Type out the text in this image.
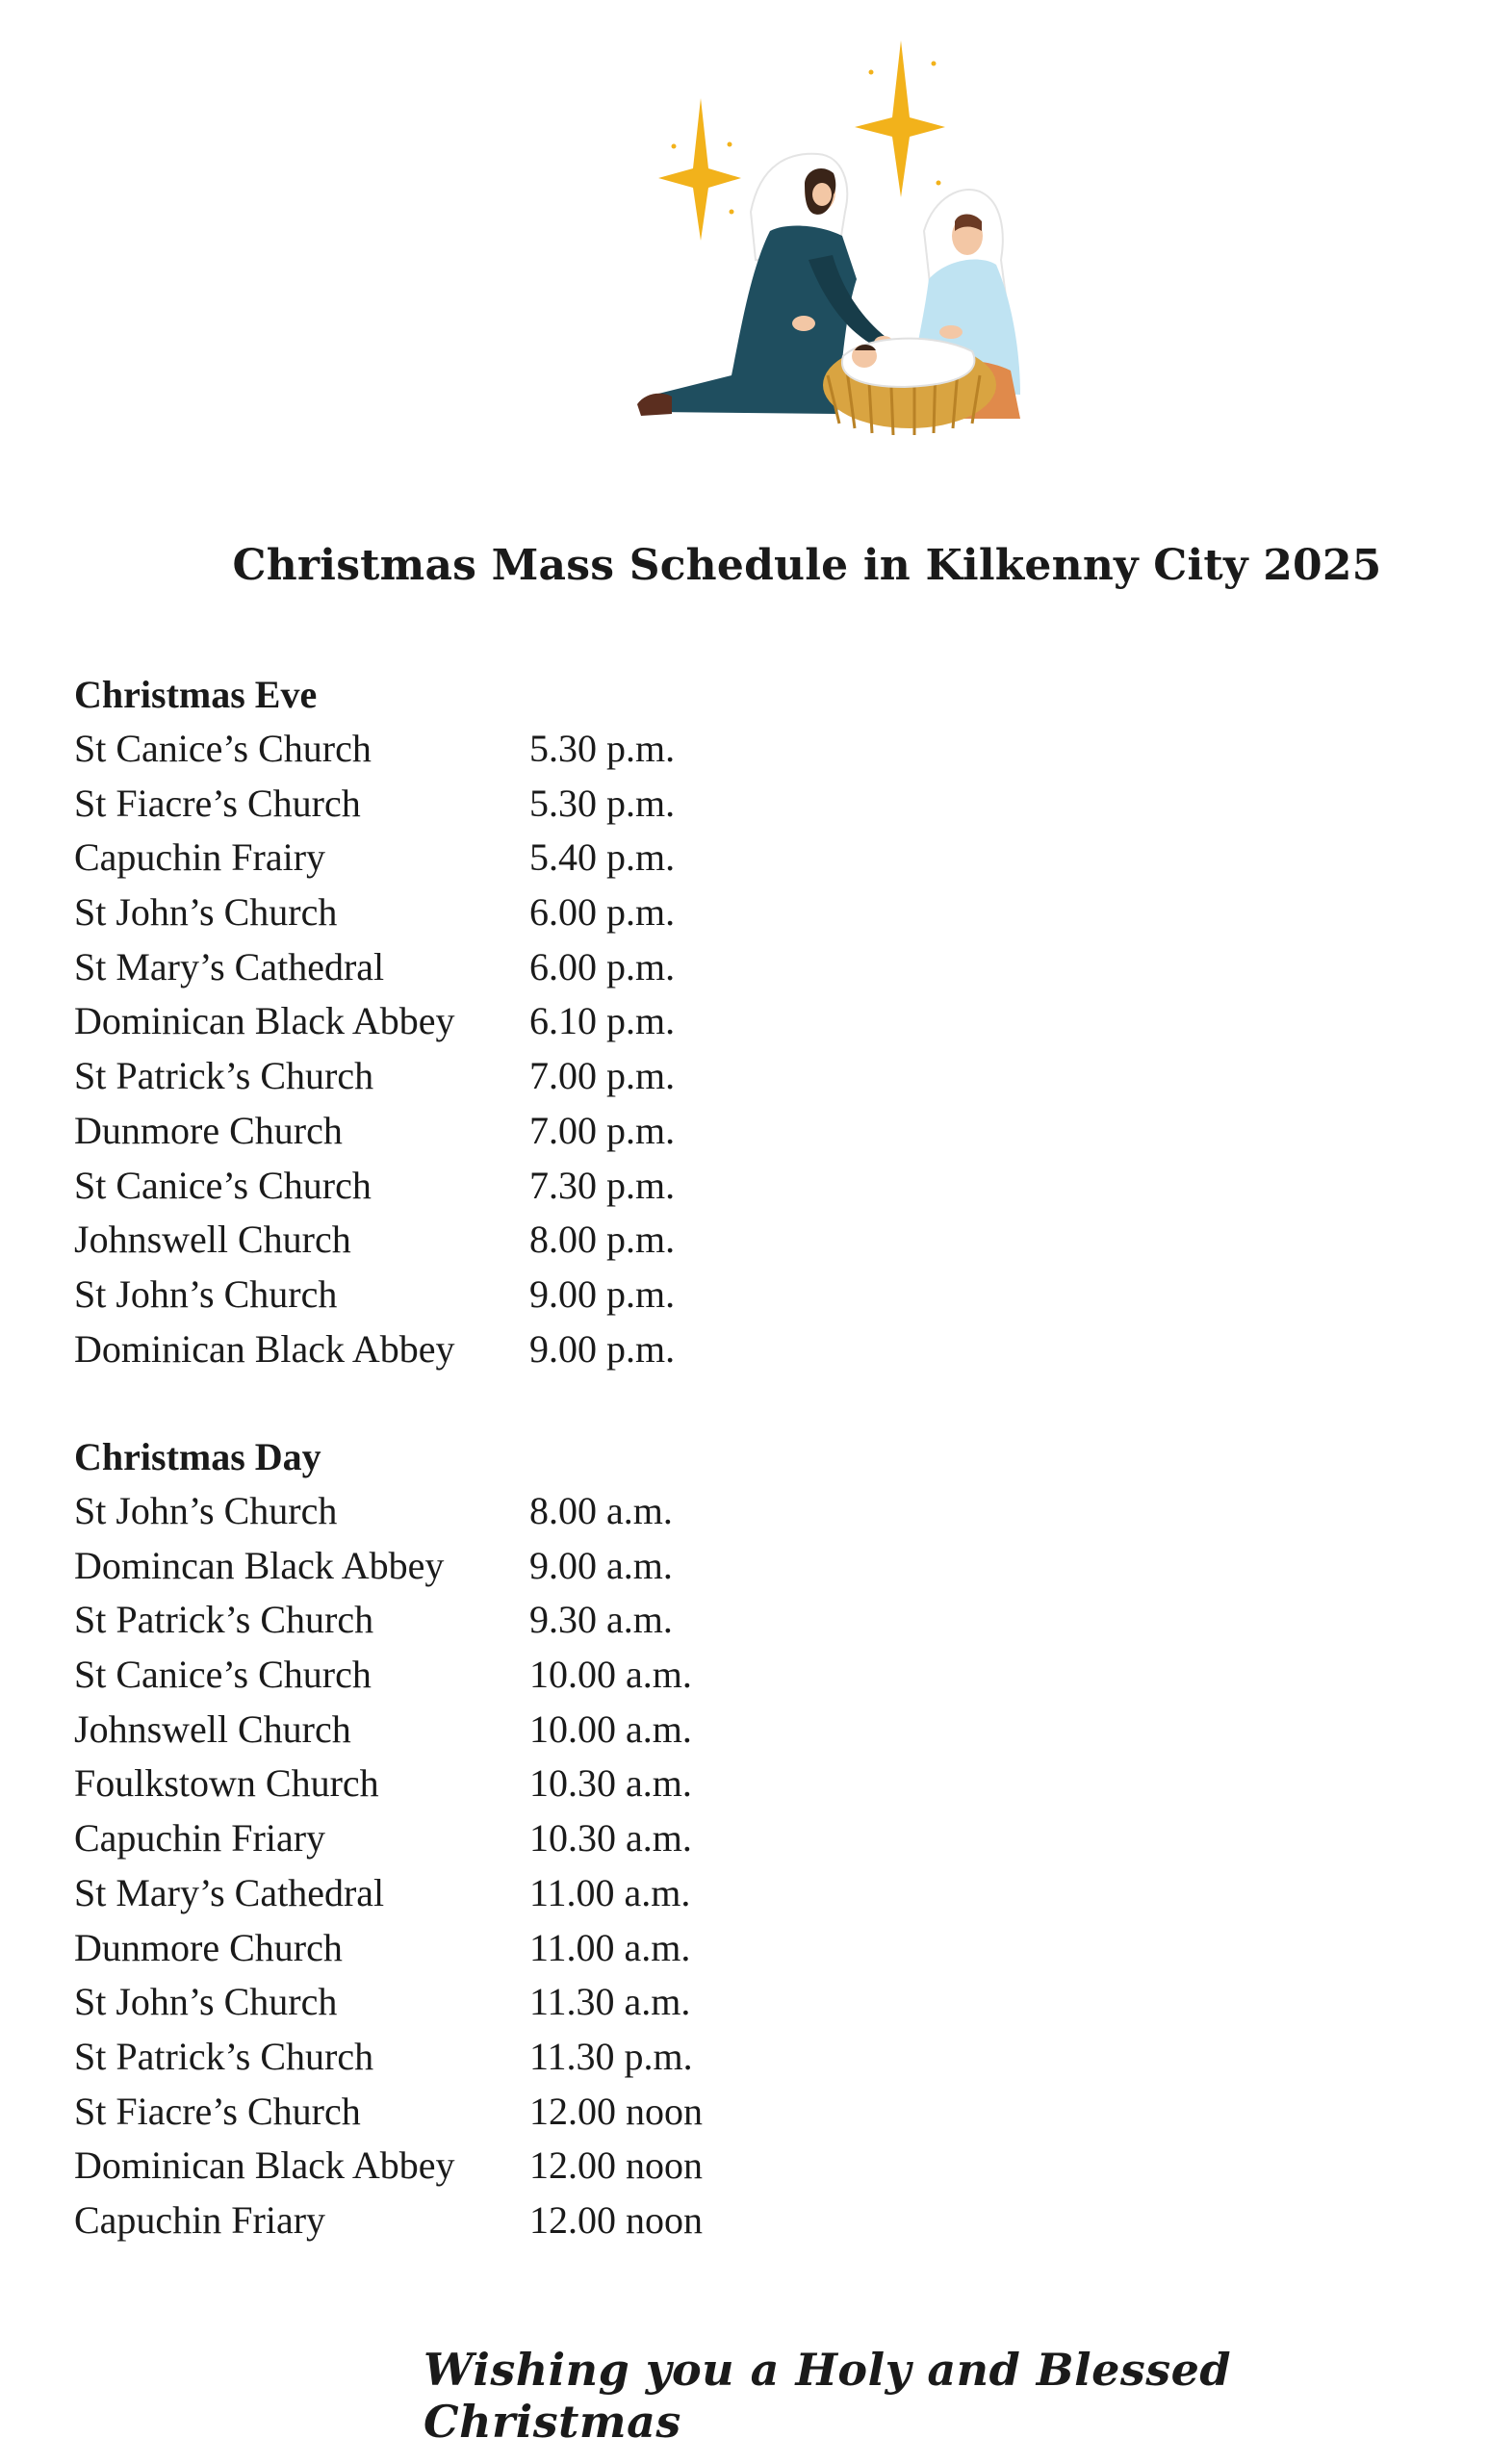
Christmas Mass Schedule in Kilkenny City 2025
Christmas Eve
St Canice’s Church	5.30 p.m.
St Fiacre’s Church	5.30 p.m.
Capuchin Frairy	5.40 p.m.
St John’s Church	6.00 p.m.
St Mary’s Cathedral	6.00 p.m.
Dominican Black Abbey	6.10 p.m.
St Patrick’s Church	7.00 p.m.
Dunmore Church	7.00 p.m.
St Canice’s Church	7.30 p.m.
Johnswell Church	8.00 p.m.
St John’s Church	9.00 p.m.
Dominican Black Abbey	9.00 p.m.
Christmas Day
St John’s Church	8.00 a.m.
Domincan Black Abbey	9.00 a.m.
St Patrick’s Church	9.30 a.m.
St Canice’s Church	10.00 a.m.
Johnswell Church	10.00 a.m.
Foulkstown Church	10.30 a.m.
Capuchin Friary	10.30 a.m.
St Mary’s Cathedral	11.00 a.m.
Dunmore Church	11.00 a.m.
St John’s Church	11.30 a.m.
St Patrick’s Church	11.30 p.m.
St Fiacre’s Church	12.00 noon
Dominican Black Abbey	12.00 noon
Capuchin Friary	12.00 noon
Wishing you a Holy and Blessed Christmas
